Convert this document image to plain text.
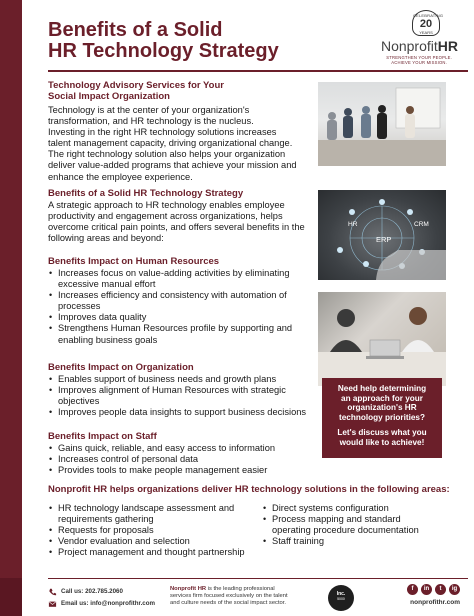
Benefits of a Solid
HR Technology Strategy
CELEBRATING
20
YEARS
NonprofitHR
STRENGTHEN YOUR PEOPLE.
ACHIEVE YOUR MISSION.
Technology Advisory Services for Your
Social Impact Organization
Technology is at the center of your organization's
transformation, and HR technology is the nucleus.
Investing in the right HR technology solutions increases
talent management capacity, driving organizational change.
The right technology solution also helps your organization
deliver value-added programs that achieve your mission and
enhance the employee experience.
Benefits of a Solid HR Technology Strategy
A strategic approach to HR technology enables employee
productivity and engagement across organizations, helps
overcome critical pain points, and offers several benefits in the
following areas and beyond:
Benefits Impact on Human Resources
• Increases focus on value-adding activities by eliminating
excessive manual effort
• Increases efficiency and consistency with automation of
processes
• Improves data quality
• Strengthens Human Resources profile by supporting and
enabling business goals
Benefits Impact on Organization
• Enables support of business needs and growth plans
• Improves alignment of Human Resources with strategic
objectives
• Improves people data insights to support business decisions
Benefits Impact on Staff
• Gains quick, reliable, and easy access to information
• Increases control of personal data
• Provides tools to make people management easier
HR
ERP
CRM
Need help determining
an approach for your
organization's HR
technology priorities?
Let's discuss what you
would like to achieve!
Nonprofit HR helps organizations deliver HR technology solutions in the following areas:
• HR technology landscape assessment and
requirements gathering
• Requests for proposals
• Vendor evaluation and selection
• Project management and thought partnership
• Direct systems configuration
• Process mapping and standard
operating procedure documentation
• Staff training
Call us: 202.785.2060
Email us: info@nonprofithr.com
Nonprofit HR is the leading professional
services firm focused exclusively on the talent
and culture needs of the social impact sector.
Inc.
5000
f	in	t	ig
nonprofithr.com
